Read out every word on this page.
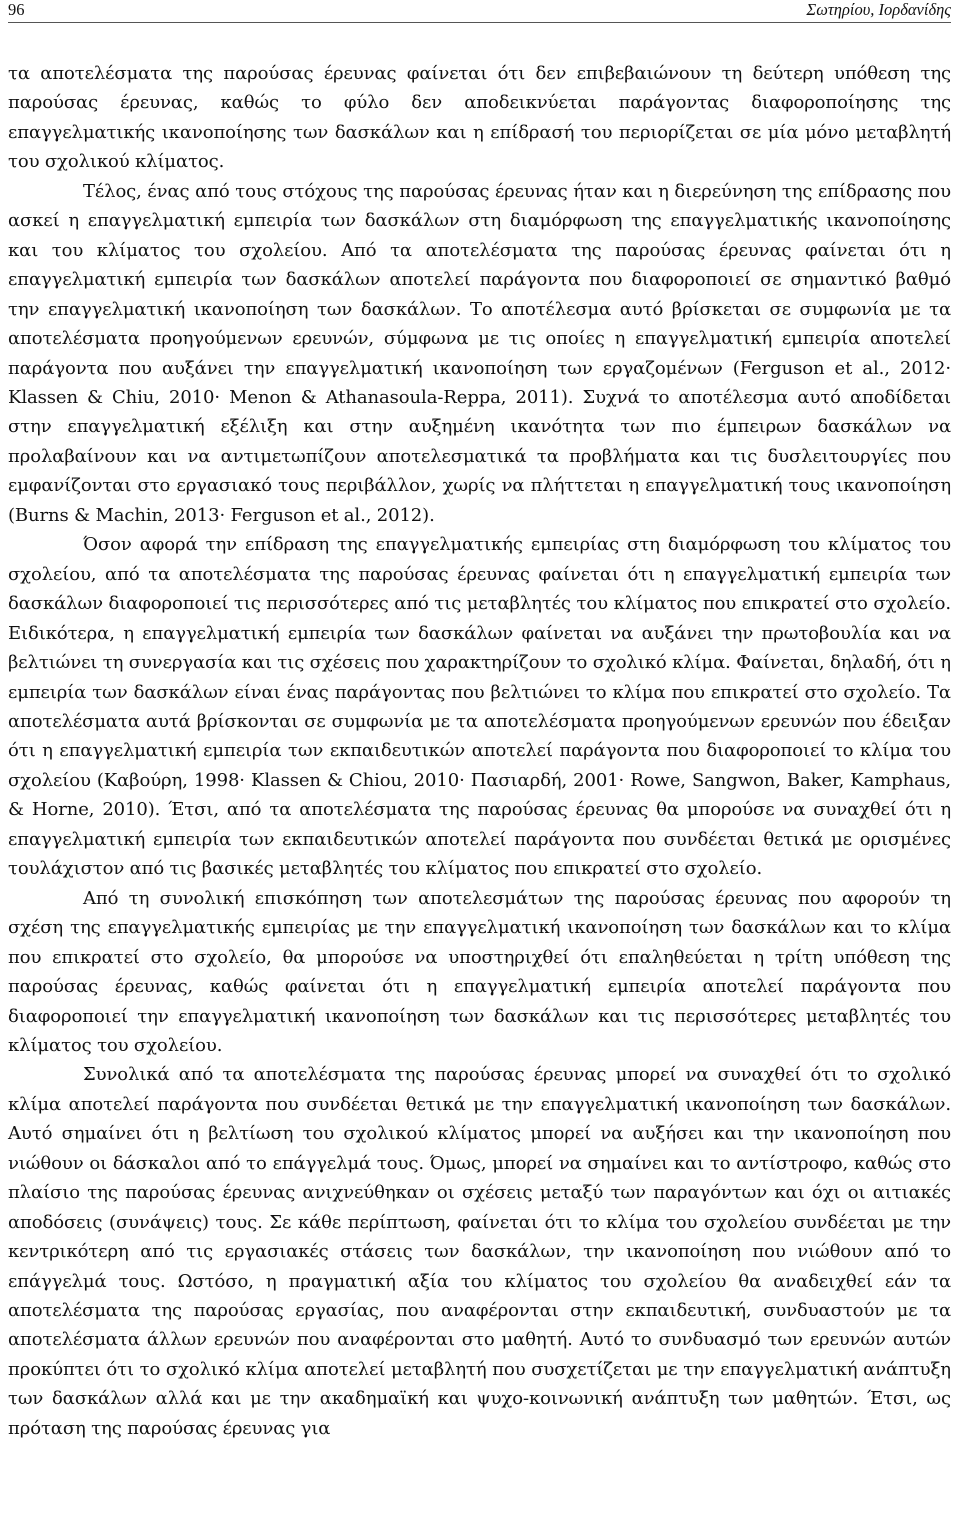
96	Σωτηρίου, Ιορδανίδης

τα αποτελέσματα της παρούσας έρευνας φαίνεται ότι δεν επιβεβαιώνουν τη δεύτερη υπόθεση της παρούσας έρευνας, καθώς το φύλο δεν αποδεικνύεται παράγοντας διαφοροποίησης της επαγγελματικής ικανοποίησης των δασκάλων και η επίδρασή του περιορίζεται σε μία μόνο μεταβλητή του σχολικού κλίματος.

Τέλος, ένας από τους στόχους της παρούσας έρευνας ήταν και η διερεύνηση της επίδρασης που ασκεί η επαγγελματική εμπειρία των δασκάλων στη διαμόρφωση της επαγγελματικής ικανοποίησης και του κλίματος του σχολείου. Από τα αποτελέσματα της παρούσας έρευνας φαίνεται ότι η επαγγελματική εμπειρία των δασκάλων αποτελεί παράγοντα που διαφοροποιεί σε σημαντικό βαθμό την επαγγελματική ικανοποίηση των δασκάλων. Το αποτέλεσμα αυτό βρίσκεται σε συμφωνία με τα αποτελέσματα προηγούμενων ερευνών, σύμφωνα με τις οποίες η επαγγελματική εμπειρία αποτελεί παράγοντα που αυξάνει την επαγγελματική ικανοποίηση των εργαζομένων (Ferguson et al., 2012· Klassen & Chiu, 2010· Menon & Athanasoula-Reppa, 2011). Συχνά το αποτέλεσμα αυτό αποδίδεται στην επαγγελματική εξέλιξη και στην αυξημένη ικανότητα των πιο έμπειρων δασκάλων να προλαβαίνουν και να αντιμετωπίζουν αποτελεσματικά τα προβλήματα και τις δυσλειτουργίες που εμφανίζονται στο εργασιακό τους περιβάλλον, χωρίς να πλήττεται η επαγγελματική τους ικανοποίηση (Burns & Machin, 2013· Ferguson et al., 2012).

Όσον αφορά την επίδραση της επαγγελματικής εμπειρίας στη διαμόρφωση του κλίματος του σχολείου, από τα αποτελέσματα της παρούσας έρευνας φαίνεται ότι η επαγγελματική εμπειρία των δασκάλων διαφοροποιεί τις περισσότερες από τις μεταβλητές του κλίματος που επικρατεί στο σχολείο. Ειδικότερα, η επαγγελματική εμπειρία των δασκάλων φαίνεται να αυξάνει την πρωτοβουλία και να βελτιώνει τη συνεργασία και τις σχέσεις που χαρακτηρίζουν το σχολικό κλίμα. Φαίνεται, δηλαδή, ότι η εμπειρία των δασκάλων είναι ένας παράγοντας που βελτιώνει το κλίμα που επικρατεί στο σχολείο. Τα αποτελέσματα αυτά βρίσκονται σε συμφωνία με τα αποτελέσματα προηγούμενων ερευνών που έδειξαν ότι η επαγγελματική εμπειρία των εκπαιδευτικών αποτελεί παράγοντα που διαφοροποιεί το κλίμα του σχολείου (Καβούρη, 1998· Klassen & Chiou, 2010· Πασιαρδή, 2001· Rowe, Sangwon, Baker, Kamphaus, & Horne, 2010). Έτσι, από τα αποτελέσματα της παρούσας έρευνας θα μπορούσε να συναχθεί ότι η επαγγελματική εμπειρία των εκπαιδευτικών αποτελεί παράγοντα που συνδέεται θετικά με ορισμένες τουλάχιστον από τις βασικές μεταβλητές του κλίματος που επικρατεί στο σχολείο.

Από τη συνολική επισκόπηση των αποτελεσμάτων της παρούσας έρευνας που αφορούν τη σχέση της επαγγελματικής εμπειρίας με την επαγγελματική ικανοποίηση των δασκάλων και το κλίμα που επικρατεί στο σχολείο, θα μπορούσε να υποστηριχθεί ότι επαληθεύεται η τρίτη υπόθεση της παρούσας έρευνας, καθώς φαίνεται ότι η επαγγελματική εμπειρία αποτελεί παράγοντα που διαφοροποιεί την επαγγελματική ικανοποίηση των δασκάλων και τις περισσότερες μεταβλητές του κλίματος του σχολείου.

Συνολικά από τα αποτελέσματα της παρούσας έρευνας μπορεί να συναχθεί ότι το σχολικό κλίμα αποτελεί παράγοντα που συνδέεται θετικά με την επαγγελματική ικανοποίηση των δασκάλων. Αυτό σημαίνει ότι η βελτίωση του σχολικού κλίματος μπορεί να αυξήσει και την ικανοποίηση που νιώθουν οι δάσκαλοι από το επάγγελμά τους. Όμως, μπορεί να σημαίνει και το αντίστροφο, καθώς στο πλαίσιο της παρούσας έρευνας ανιχνεύθηκαν οι σχέσεις μεταξύ των παραγόντων και όχι οι αιτιακές αποδόσεις (συνάψεις) τους. Σε κάθε περίπτωση, φαίνεται ότι το κλίμα του σχολείου συνδέεται με την κεντρικότερη από τις εργασιακές στάσεις των δασκάλων, την ικανοποίηση που νιώθουν από το επάγγελμά τους. Ωστόσο, η πραγματική αξία του κλίματος του σχολείου θα αναδειχθεί εάν τα αποτελέσματα της παρούσας εργασίας, που αναφέρονται στην εκπαιδευτική, συνδυαστούν με τα αποτελέσματα άλλων ερευνών που αναφέρονται στο μαθητή. Αυτό το συνδυασμό των ερευνών αυτών προκύπτει ότι το σχολικό κλίμα αποτελεί μεταβλητή που συσχετίζεται με την επαγγελματική ανάπτυξη των δασκάλων αλλά και με την ακαδημαϊκή και ψυχο-κοινωνική ανάπτυξη των μαθητών. Έτσι, ως πρόταση της παρούσας έρευνας για
